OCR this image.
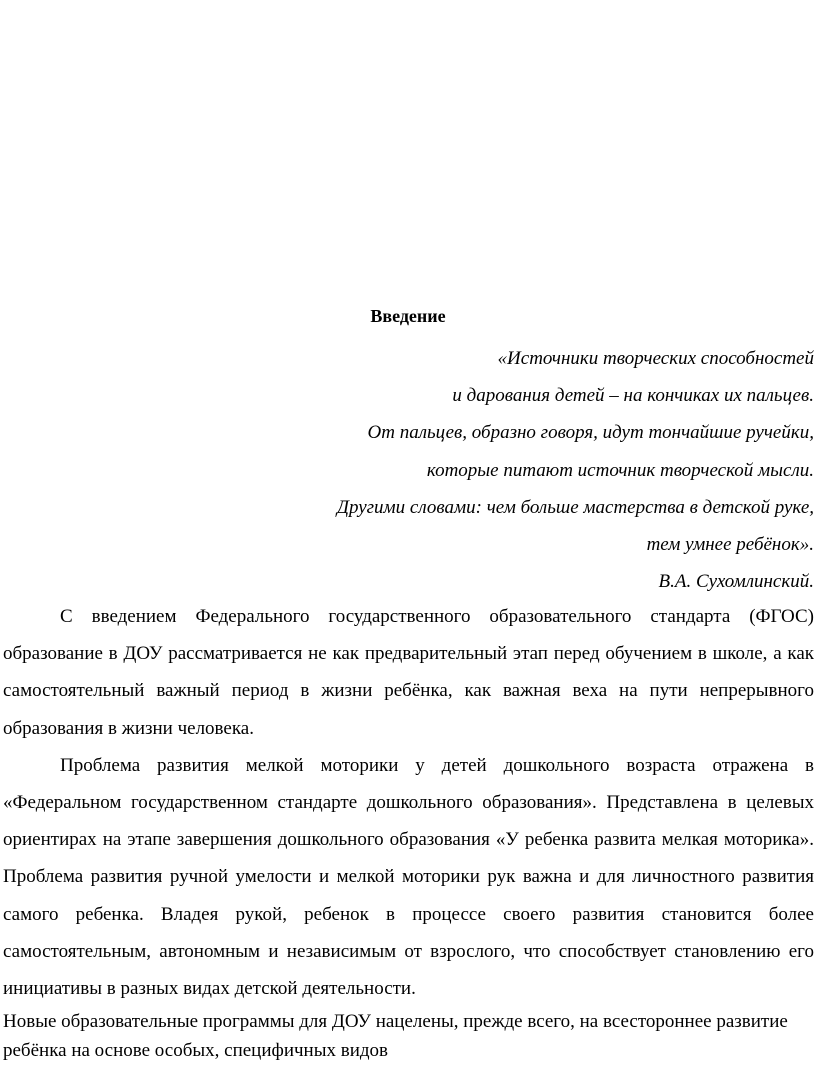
Введение
«Источники творческих способностей
и дарования детей – на кончиках их пальцев.
От пальцев, образно говоря, идут тончайшие ручейки,
которые питают источник творческой мысли.
Другими словами: чем больше мастерства в детской руке,
тем умнее ребёнок».
В.А. Сухомлинский.

С введением Федерального государственного образовательного стандарта (ФГОС) образование в ДОУ рассматривается не как предварительный этап перед обучением в школе, а как самостоятельный важный период в жизни ребёнка, как важная веха на пути непрерывного образования в жизни человека.

Проблема развития мелкой моторики у детей дошкольного возраста отражена в «Федеральном государственном стандарте дошкольного образования». Представлена в целевых ориентирах на этапе завершения дошкольного образования «У ребенка развита мелкая моторика». Проблема развития ручной умелости и мелкой моторики рук важна и для личностного развития самого ребенка. Владея рукой, ребенок в процессе своего развития становится более самостоятельным, автономным и независимым от взрослого, что способствует становлению его инициативы в разных видах детской деятельности.

Новые образовательные программы для ДОУ нацелены, прежде всего, на всестороннее развитие ребёнка на основе особых, специфичных видов
